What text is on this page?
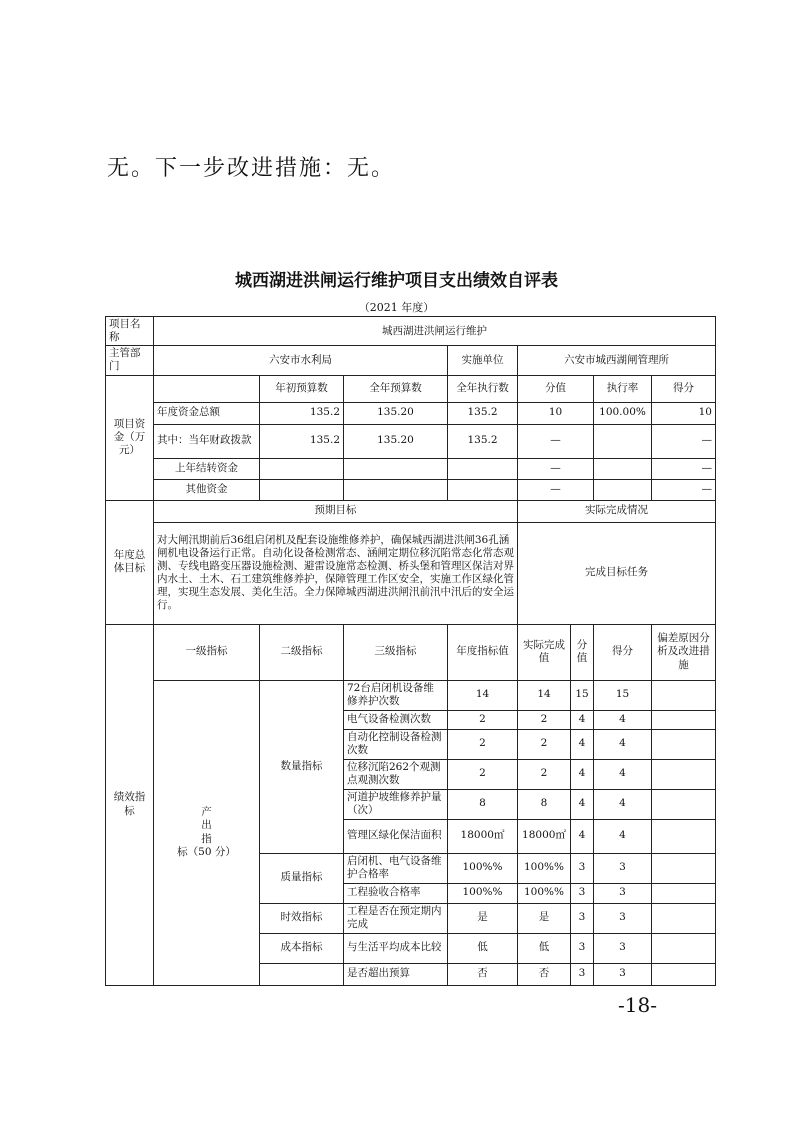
无。下一步改进措施：无。
城西湖进洪闸运行维护项目支出绩效自评表
（2021 年度）
项目名称	城西湖进洪闸运行维护							
主管部门	六安市水利局			实施单位	六安市城西湖闸管理所			
项目资金（万元）		年初预算数	全年预算数	全年执行数	分值		执行率	得分
	年度资金总额	135.2	135.20	135.2	10		100.00%	10
	其中：当年财政拨款	135.2	135.20	135.2	—			—
	上年结转资金				—			—
	其他资金				—			—
年度总体目标	预期目标				实际完成情况			
	对大闸汛期前后36组启闭机及配套设施维修养护，确保城西湖进洪闸36孔涵闸机电设备运行正常。自动化设备检测常态、涵闸定期位移沉陷常态化常态观测、专线电路变压器设施检测、避雷设施常态检测、桥头堡和管理区保洁对界内水土、土木、石工建筑维修养护，保障管理工作区安全，实施工作区绿化管理，实现生态发展、美化生活。全力保障城西湖进洪闸汛前汛中汛后的安全运行。				完成目标任务			
绩效指标	一级指标	二级指标	三级指标	年度指标值	实际完成值	分值	得分	偏差原因分析及改进措施

	产
出
指
标（50 分）	数量指标	72台启闭机设备维修养护次数	14	14	15	15	
			电气设备检测次数	2	2	4	4	
			自动化控制设备检测次数	2	2	4	4	
			位移沉陷262个观测点观测次数	2	2	4	4	
			河道护坡维修养护量（次）	8	8	4	4	
			管理区绿化保洁面积	18000㎡	18000㎡	4	4	
		质量指标	启闭机、电气设备维护合格率	100%%	100%%	3	3	
			工程验收合格率	100%%	100%%	3	3	
		时效指标	工程是否在预定期内完成	是	是	3	3	
		成本指标	与生活平均成本比较	低	低	3	3	
			是否超出预算	否	否	3	3	
-18-
